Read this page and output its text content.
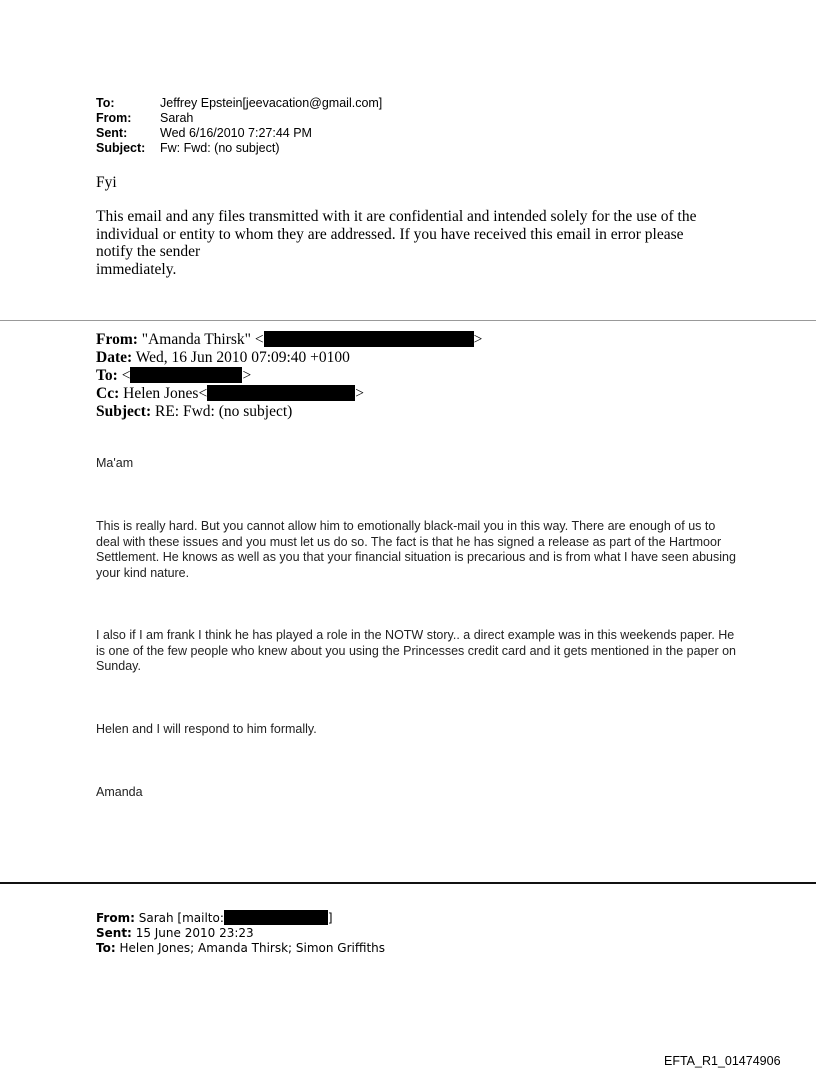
To:	Jeffrey Epstein[jeevacation@gmail.com]
From:	Sarah
Sent:	Wed 6/16/2010 7:27:44 PM
Subject:	Fw: Fwd: (no subject)
Fyi
This email and any files transmitted with it are confidential and intended solely for the use of the
individual or entity to whom they are addressed. If you have received this email in error please
notify the sender
immediately.
From: "Amanda Thirsk" <	>
Date: Wed, 16 Jun 2010 07:09:40 +0100
To: <	>
Cc: Helen Jones<	>
Subject: RE: Fwd: (no subject)

Ma'am

This is really hard. But you cannot allow him to emotionally black-mail you in this way. There are enough of us to deal with these issues and you must let us do so. The fact is that he has signed a release as part of the Hartmoor Settlement. He knows as well as you that your financial situation is precarious and is from what I have seen abusing your kind nature.

I also if I am frank I think he has played a role in the NOTW story.. a direct example was in this weekends paper. He is one of the few people who knew about you using the Princesses credit card and it gets mentioned in the paper on Sunday.

Helen and I will respond to him formally.

Amanda

From: Sarah [mailto:	]
Sent: 15 June 2010 23:23
To: Helen Jones; Amanda Thirsk; Simon Griffiths
EFTA_R1_01474906
